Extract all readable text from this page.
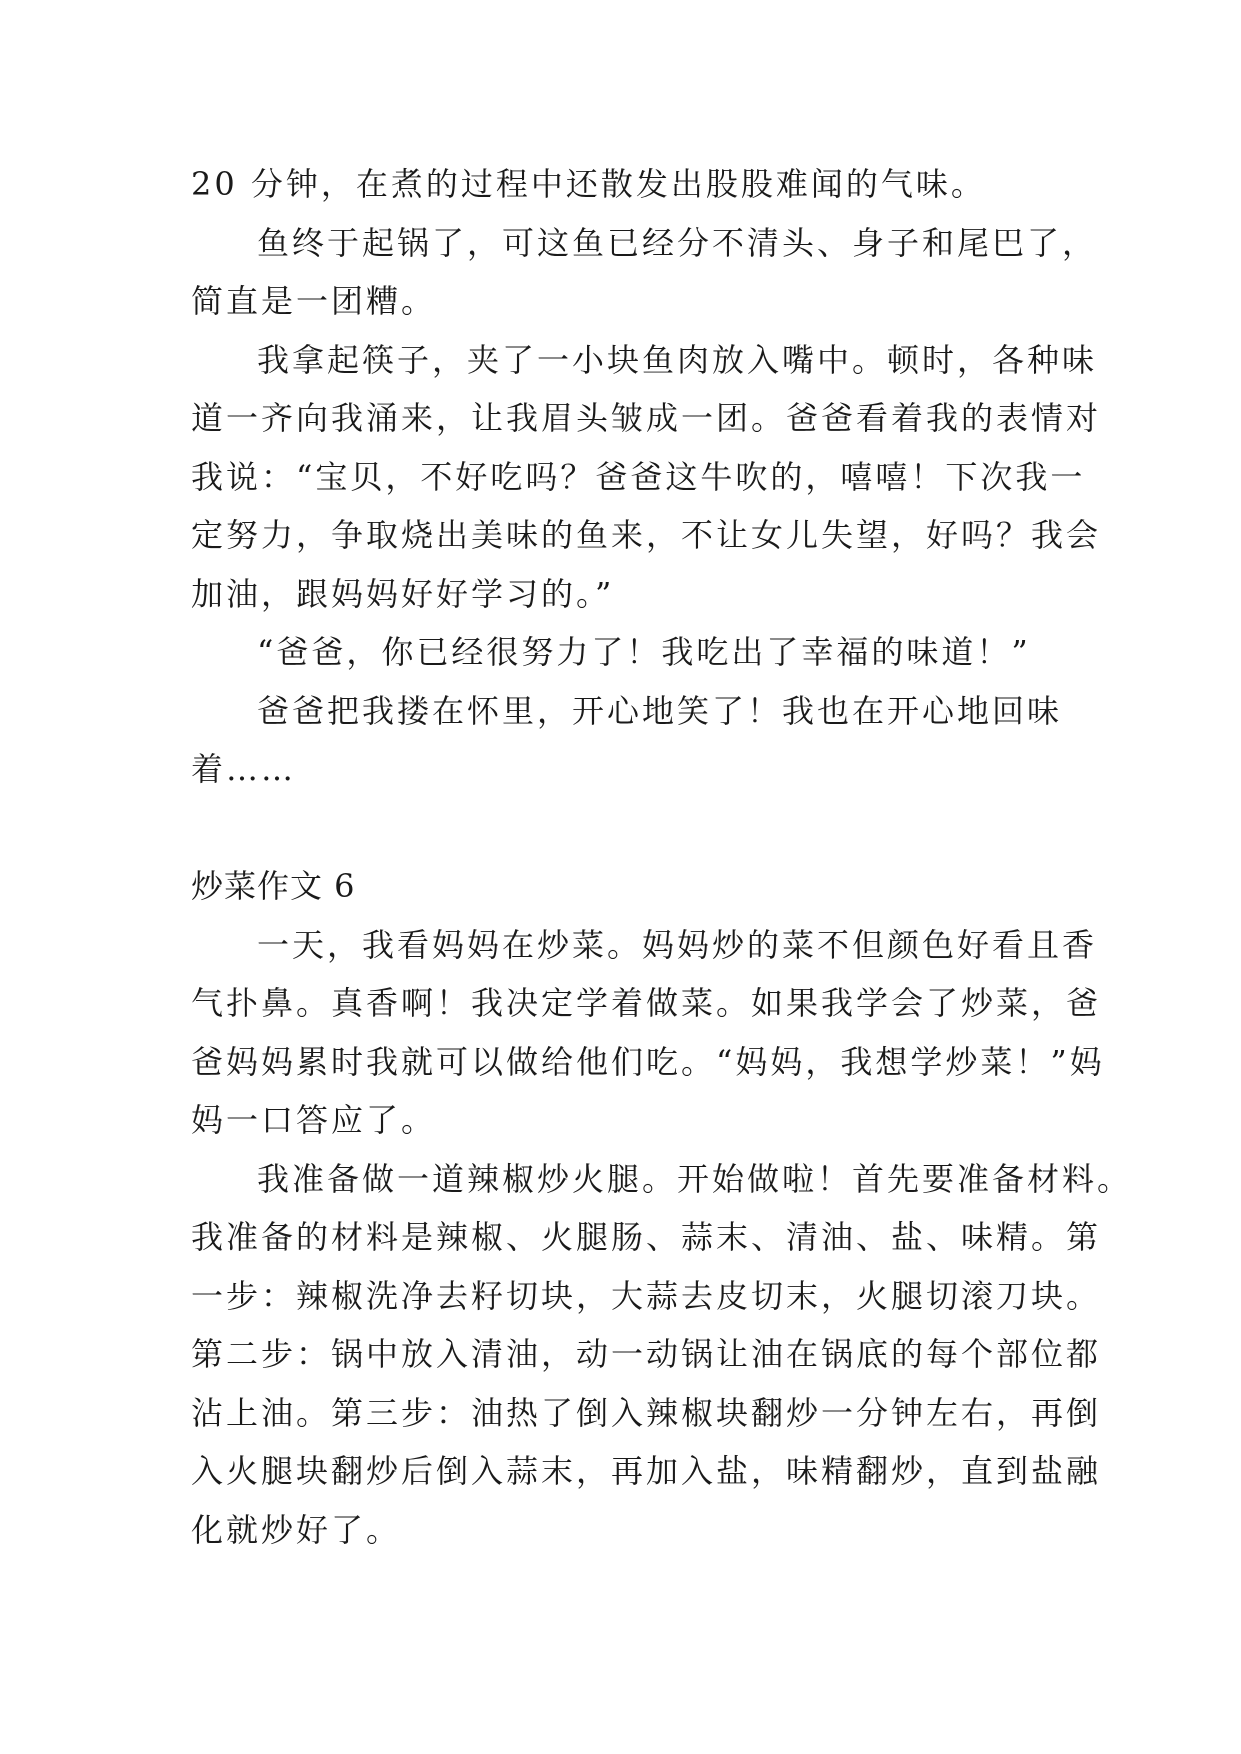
20 分钟，在煮的过程中还散发出股股难闻的气味。
鱼终于起锅了，可这鱼已经分不清头、身子和尾巴了，
简直是一团糟。
我拿起筷子，夹了一小块鱼肉放入嘴中。顿时，各种味
道一齐向我涌来，让我眉头皱成一团。爸爸看着我的表情对
我说：“宝贝，不好吃吗？爸爸这牛吹的，嘻嘻！下次我一
定努力，争取烧出美味的鱼来，不让女儿失望，好吗？我会
加油，跟妈妈好好学习的。”
“爸爸，你已经很努力了！我吃出了幸福的味道！”
爸爸把我搂在怀里，开心地笑了！我也在开心地回味
着……
炒菜作文 6
一天，我看妈妈在炒菜。妈妈炒的菜不但颜色好看且香
气扑鼻。真香啊！我决定学着做菜。如果我学会了炒菜，爸
爸妈妈累时我就可以做给他们吃。“妈妈，我想学炒菜！”妈
妈一口答应了。
我准备做一道辣椒炒火腿。开始做啦！首先要准备材料。
我准备的材料是辣椒、火腿肠、蒜末、清油、盐、味精。第
一步：辣椒洗净去籽切块，大蒜去皮切末，火腿切滚刀块。
第二步：锅中放入清油，动一动锅让油在锅底的每个部位都
沾上油。第三步：油热了倒入辣椒块翻炒一分钟左右，再倒
入火腿块翻炒后倒入蒜末，再加入盐，味精翻炒，直到盐融
化就炒好了。
